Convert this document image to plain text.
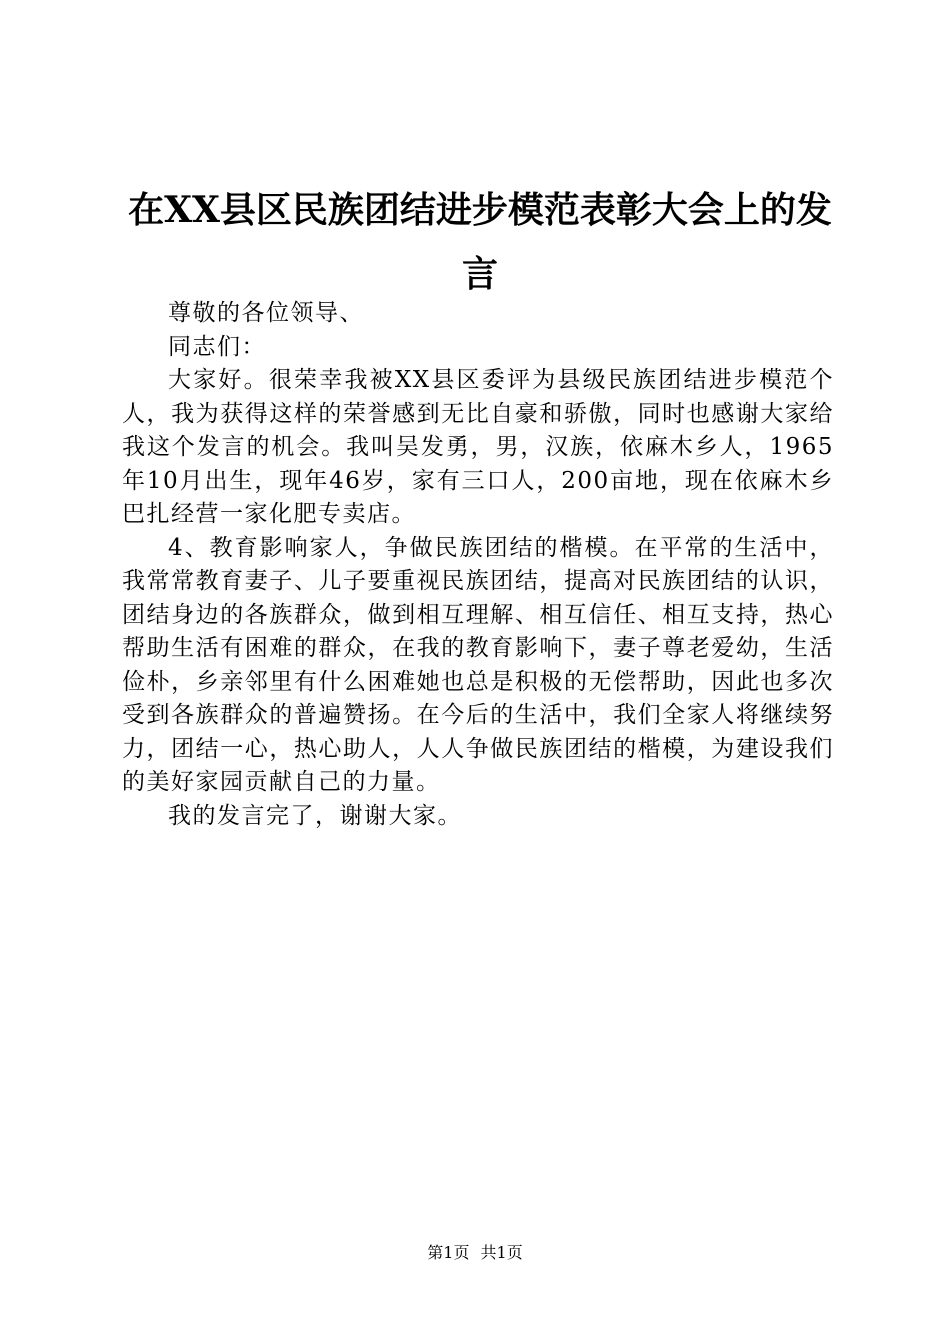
在XX县区民族团结进步模范表彰大会上的发言

尊敬的各位领导、

同志们：

大家好。很荣幸我被XX县区委评为县级民族团结进步模范个人，我为获得这样的荣誉感到无比自豪和骄傲，同时也感谢大家给我这个发言的机会。我叫吴发勇，男，汉族，依麻木乡人，1965年10月出生，现年46岁，家有三口人，200亩地，现在依麻木乡巴扎经营一家化肥专卖店。

4、教育影响家人，争做民族团结的楷模。在平常的生活中，我常常教育妻子、儿子要重视民族团结，提高对民族团结的认识，团结身边的各族群众，做到相互理解、相互信任、相互支持，热心帮助生活有困难的群众，在我的教育影响下，妻子尊老爱幼，生活俭朴，乡亲邻里有什么困难她也总是积极的无偿帮助，因此也多次受到各族群众的普遍赞扬。在今后的生活中，我们全家人将继续努力，团结一心，热心助人，人人争做民族团结的楷模，为建设我们的美好家园贡献自己的力量。

我的发言完了，谢谢大家。

第1页 共1页
